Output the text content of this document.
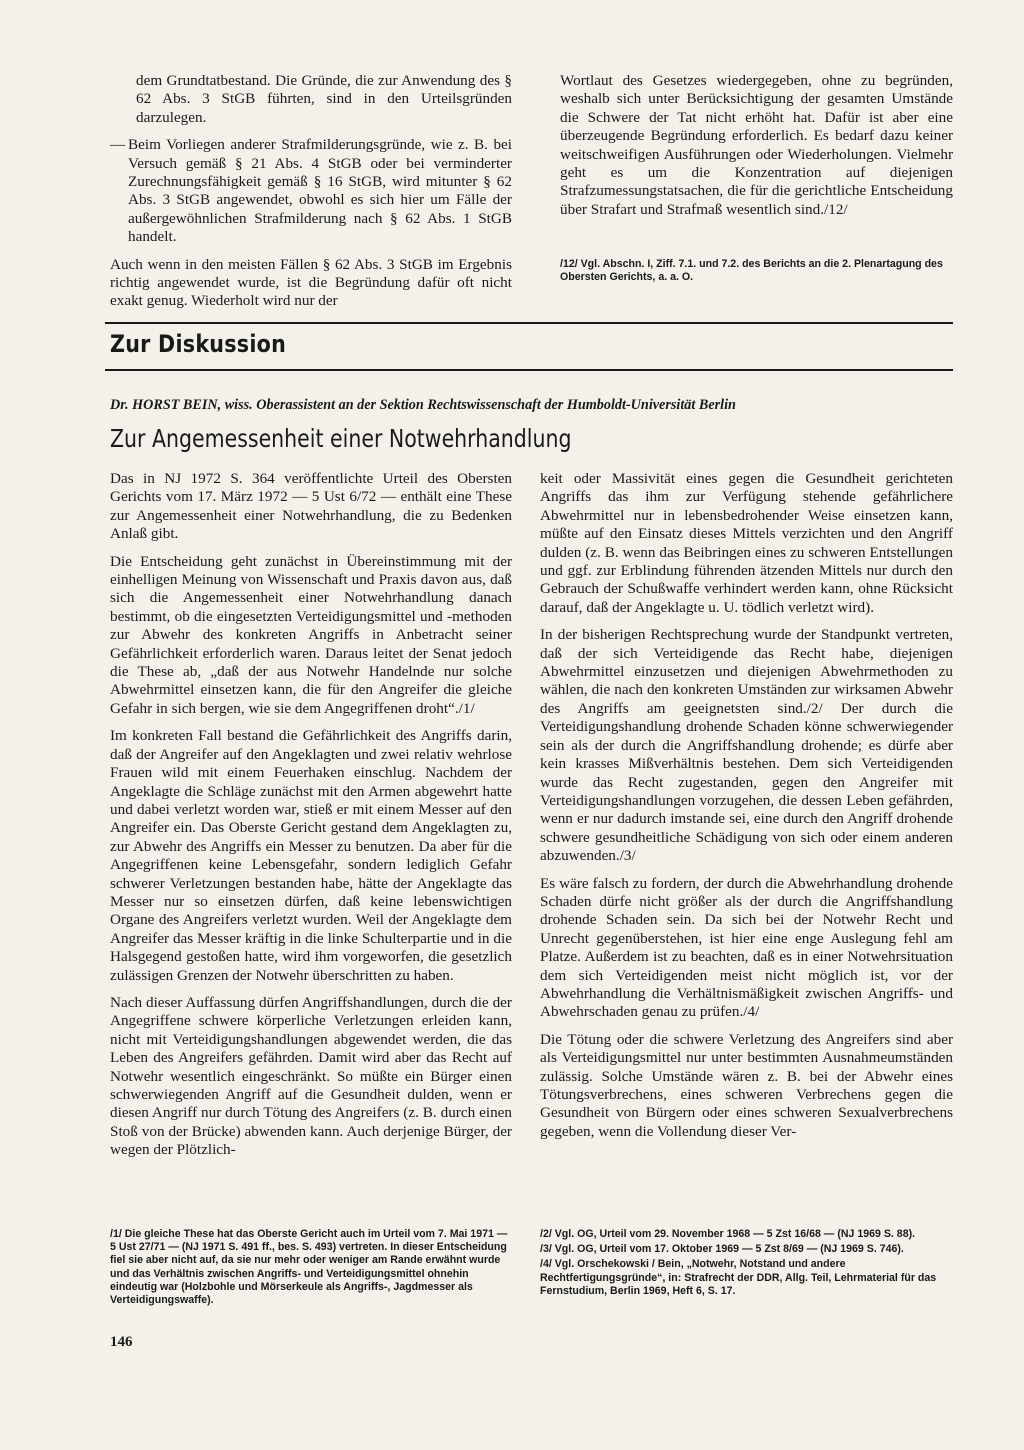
dem Grundtatbestand. Die Gründe, die zur Anwendung des § 62 Abs. 3 StGB führten, sind in den Urteilsgründen darzulegen.

— Beim Vorliegen anderer Strafmilderungsgründe, wie z. B. bei Versuch gemäß § 21 Abs. 4 StGB oder bei verminderter Zurechnungsfähigkeit gemäß § 16 StGB, wird mitunter § 62 Abs. 3 StGB angewendet, obwohl es sich hier um Fälle der außergewöhnlichen Strafmilderung nach § 62 Abs. 1 StGB handelt.

Auch wenn in den meisten Fällen § 62 Abs. 3 StGB im Ergebnis richtig angewendet wurde, ist die Begründung dafür oft nicht exakt genug. Wiederholt wird nur der

Wortlaut des Gesetzes wiedergegeben, ohne zu begründen, weshalb sich unter Berücksichtigung der gesamten Umstände die Schwere der Tat nicht erhöht hat. Dafür ist aber eine überzeugende Begründung erforderlich. Es bedarf dazu keiner weitschweifigen Ausführungen oder Wiederholungen. Vielmehr geht es um die Konzentration auf diejenigen Strafzumessungstatsachen, die für die gerichtliche Entscheidung über Strafart und Strafmaß wesentlich sind./12/

/12/ Vgl. Abschn. I, Ziff. 7.1. und 7.2. des Berichts an die 2. Plenartagung des Obersten Gerichts, a. a. O.

Zur Diskussion
Dr. HORST BEIN, wiss. Oberassistent an der Sektion Rechtswissenschaft der Humboldt-Universität Berlin
Zur Angemessenheit einer Notwehrhandlung

Das in NJ 1972 S. 364 veröffentlichte Urteil des Obersten Gerichts vom 17. März 1972 — 5 Ust 6/72 — enthält eine These zur Angemessenheit einer Notwehrhandlung, die zu Bedenken Anlaß gibt.

Die Entscheidung geht zunächst in Übereinstimmung mit der einhelligen Meinung von Wissenschaft und Praxis davon aus, daß sich die Angemessenheit einer Notwehrhandlung danach bestimmt, ob die eingesetzten Verteidigungsmittel und -methoden zur Abwehr des konkreten Angriffs in Anbetracht seiner Gefährlichkeit erforderlich waren. Daraus leitet der Senat jedoch die These ab, „daß der aus Notwehr Handelnde nur solche Abwehrmittel einsetzen kann, die für den Angreifer die gleiche Gefahr in sich bergen, wie sie dem Angegriffenen droht“./1/

Im konkreten Fall bestand die Gefährlichkeit des Angriffs darin, daß der Angreifer auf den Angeklagten und zwei relativ wehrlose Frauen wild mit einem Feuerhaken einschlug. Nachdem der Angeklagte die Schläge zunächst mit den Armen abgewehrt hatte und dabei verletzt worden war, stieß er mit einem Messer auf den Angreifer ein. Das Oberste Gericht gestand dem Angeklagten zu, zur Abwehr des Angriffs ein Messer zu benutzen. Da aber für die Angegriffenen keine Lebensgefahr, sondern lediglich Gefahr schwerer Verletzungen bestanden habe, hätte der Angeklagte das Messer nur so einsetzen dürfen, daß keine lebenswichtigen Organe des Angreifers verletzt wurden. Weil der Angeklagte dem Angreifer das Messer kräftig in die linke Schulterpartie und in die Halsgegend gestoßen hatte, wird ihm vorgeworfen, die gesetzlich zulässigen Grenzen der Notwehr überschritten zu haben.

Nach dieser Auffassung dürfen Angriffshandlungen, durch die der Angegriffene schwere körperliche Verletzungen erleiden kann, nicht mit Verteidigungshandlungen abgewendet werden, die das Leben des Angreifers gefährden. Damit wird aber das Recht auf Notwehr wesentlich eingeschränkt. So müßte ein Bürger einen schwerwiegenden Angriff auf die Gesundheit dulden, wenn er diesen Angriff nur durch Tötung des Angreifers (z. B. durch einen Stoß von der Brücke) abwenden kann. Auch derjenige Bürger, der wegen der Plötzlich-

keit oder Massivität eines gegen die Gesundheit gerichteten Angriffs das ihm zur Verfügung stehende gefährlichere Abwehrmittel nur in lebensbedrohender Weise einsetzen kann, müßte auf den Einsatz dieses Mittels verzichten und den Angriff dulden (z. B. wenn das Beibringen eines zu schweren Entstellungen und ggf. zur Erblindung führenden ätzenden Mittels nur durch den Gebrauch der Schußwaffe verhindert werden kann, ohne Rücksicht darauf, daß der Angeklagte u. U. tödlich verletzt wird).

In der bisherigen Rechtsprechung wurde der Standpunkt vertreten, daß der sich Verteidigende das Recht habe, diejenigen Abwehrmittel einzusetzen und diejenigen Abwehrmethoden zu wählen, die nach den konkreten Umständen zur wirksamen Abwehr des Angriffs am geeignetsten sind./2/ Der durch die Verteidigungshandlung drohende Schaden könne schwerwiegender sein als der durch die Angriffshandlung drohende; es dürfe aber kein krasses Mißverhältnis bestehen. Dem sich Verteidigenden wurde das Recht zugestanden, gegen den Angreifer mit Verteidigungshandlungen vorzugehen, die dessen Leben gefährden, wenn er nur dadurch imstande sei, eine durch den Angriff drohende schwere gesundheitliche Schädigung von sich oder einem anderen abzuwenden./3/

Es wäre falsch zu fordern, der durch die Abwehrhandlung drohende Schaden dürfe nicht größer als der durch die Angriffshandlung drohende Schaden sein. Da sich bei der Notwehr Recht und Unrecht gegenüberstehen, ist hier eine enge Auslegung fehl am Platze. Außerdem ist zu beachten, daß es in einer Notwehrsituation dem sich Verteidigenden meist nicht möglich ist, vor der Abwehrhandlung die Verhältnismäßigkeit zwischen Angriffs- und Abwehrschaden genau zu prüfen./4/

Die Tötung oder die schwere Verletzung des Angreifers sind aber als Verteidigungsmittel nur unter bestimmten Ausnahmeumständen zulässig. Solche Umstände wären z. B. bei der Abwehr eines Tötungsverbrechens, eines schweren Verbrechens gegen die Gesundheit von Bürgern oder eines schweren Sexualverbrechens gegeben, wenn die Vollendung dieser Ver-

/1/ Die gleiche These hat das Oberste Gericht auch im Urteil vom 7. Mai 1971 — 5 Ust 27/71 — (NJ 1971 S. 491 ff., bes. S. 493) vertreten. In dieser Entscheidung fiel sie aber nicht auf, da sie nur mehr oder weniger am Rande erwähnt wurde und das Verhältnis zwischen Angriffs- und Verteidigungsmittel ohnehin eindeutig war (Holzbohle und Mörserkeule als Angriffs-, Jagdmesser als Verteidigungswaffe).

/2/ Vgl. OG, Urteil vom 29. November 1968 — 5 Zst 16/68 — (NJ 1969 S. 88).

/3/ Vgl. OG, Urteil vom 17. Oktober 1969 — 5 Zst 8/69 — (NJ 1969 S. 746).

/4/ Vgl. Orschekowski / Bein, „Notwehr, Notstand und andere Rechtfertigungsgründe“, in: Strafrecht der DDR, Allg. Teil, Lehrmaterial für das Fernstudium, Berlin 1969, Heft 6, S. 17.

146
